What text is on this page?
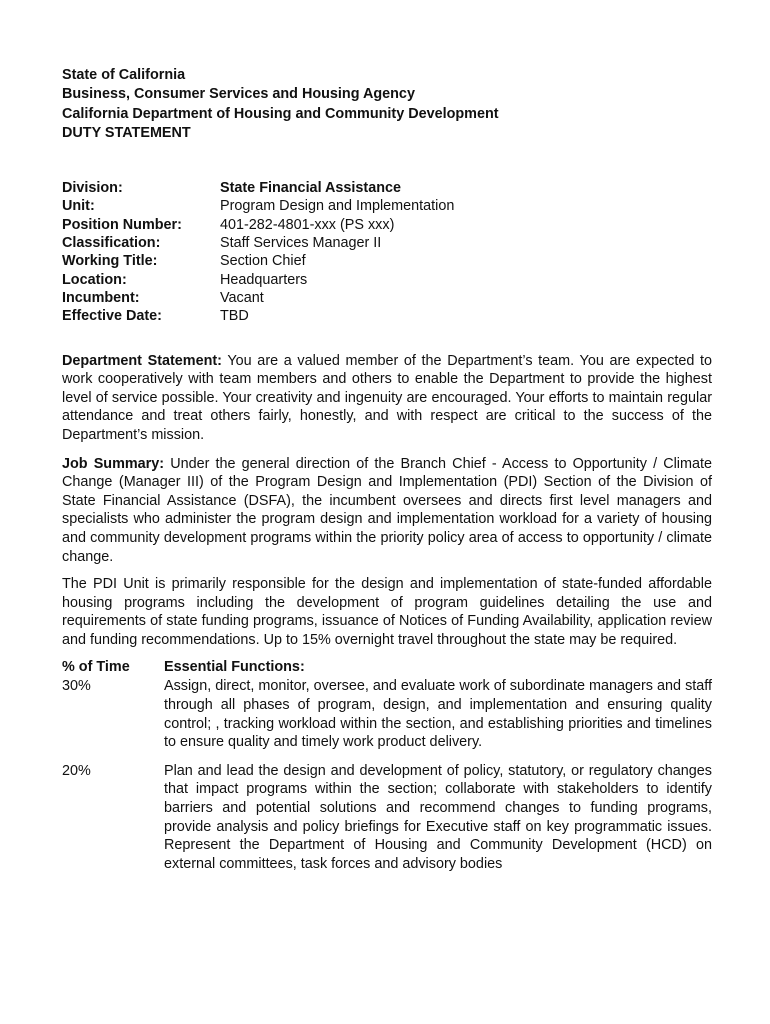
State of California
Business, Consumer Services and Housing Agency
California Department of Housing and Community Development
DUTY STATEMENT
Division:	State Financial Assistance
Unit:	Program Design and Implementation
Position Number:	401-282-4801-xxx (PS xxx)
Classification:	Staff Services Manager II
Working Title:	Section Chief
Location:	Headquarters
Incumbent:	Vacant
Effective Date:	TBD

Department Statement: You are a valued member of the Department’s team. You are expected to work cooperatively with team members and others to enable the Department to provide the highest level of service possible. Your creativity and ingenuity are encouraged. Your efforts to maintain regular attendance and treat others fairly, honestly, and with respect are critical to the success of the Department’s mission.

Job Summary: Under the general direction of the Branch Chief - Access to Opportunity / Climate Change (Manager III) of the Program Design and Implementation (PDI) Section of the Division of State Financial Assistance (DSFA), the incumbent oversees and directs first level managers and specialists who administer the program design and implementation workload for a variety of housing and community development programs within the priority policy area of access to opportunity / climate change.

The PDI Unit is primarily responsible for the design and implementation of state-funded affordable housing programs including the development of program guidelines detailing the use and requirements of state funding programs, issuance of Notices of Funding Availability, application review and funding recommendations. Up to 15% overnight travel throughout the state may be required.

% of Time	Essential Functions:
30%	Assign, direct, monitor, oversee, and evaluate work of subordinate managers and staff through all phases of program, design, and implementation and ensuring quality control; , tracking workload within the section, and establishing priorities and timelines to ensure quality and timely work product delivery.
20%	Plan and lead the design and development of policy, statutory, or regulatory changes that impact programs within the section; collaborate with stakeholders to identify barriers and potential solutions and recommend changes to funding programs, provide analysis and policy briefings for Executive staff on key programmatic issues. Represent the Department of Housing and Community Development (HCD) on external committees, task forces and advisory bodies
